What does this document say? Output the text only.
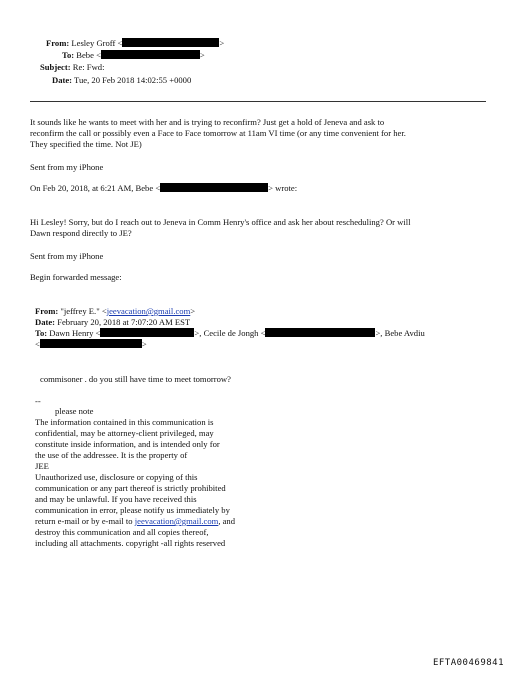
From: Lesley Groff <	>
To: Bebe <	>
Subject: Re: Fwd:
Date: Tue, 20 Feb 2018 14:02:55 +0000
It sounds like he wants to meet with her and is trying to reconfirm? Just get a hold of Jeneva and ask to
reconfirm the call or possibly even a Face to Face tomorrow at 11am VI time (or any time convenient for her.
They specified the time. Not JE)
Sent from my iPhone
On Feb 20, 2018, at 6:21 AM, Bebe <	> wrote:
Hi Lesley! Sorry, but do I reach out to Jeneva in Comm Henry's office and ask her about rescheduling? Or will
Dawn respond directly to JE?
Sent from my iPhone
Begin forwarded message:
From: "jeffrey E." <jeevacation@gmail.com>
Date: February 20, 2018 at 7:07:20 AM EST
To: Dawn Henry <	>, Cecile de Jongh <	>, Bebe Avdiu
<	>
commisoner . do you still have time to meet tomorrow?
--
please note
The information contained in this communication is
confidential, may be attorney-client privileged, may
constitute inside information, and is intended only for
the use of the addressee. It is the property of
JEE
Unauthorized use, disclosure or copying of this
communication or any part thereof is strictly prohibited
and may be unlawful. If you have received this
communication in error, please notify us immediately by
return e-mail or by e-mail to jeevacation@gmail.com, and
destroy this communication and all copies thereof,
including all attachments. copyright -all rights reserved
EFTA00469841
